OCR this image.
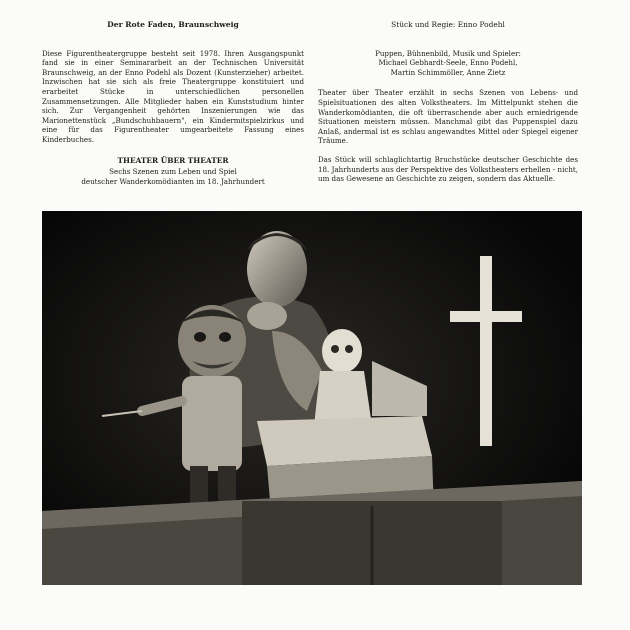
Der Rote Faden, Braunschweig

Diese Figurentheatergruppe besteht seit 1978. Ihren Ausgangspunkt fand sie in einer Seminararbeit an der Technischen Universität Braunschweig, an der Enno Podehl als Dozent (Kunsterzieher) arbeitet. Inzwischen hat sie sich als freie Theatergruppe konstituiert und erarbeitet Stücke in unterschiedlichen personellen Zusammensetzungen. Alle Mitglieder haben ein Kunststudium hinter sich. Zur Vergangenheit gehörten Inszenierungen wie das Marionettenstück „Bundschuhbauern", ein Kindermitspielzirkus und eine für das Figurentheater umgearbeitete Fassung eines Kinderbuches.

THEATER ÜBER THEATER
Sechs Szenen zum Leben und Spiel
deutscher Wanderkomödianten im 18. Jahrhundert
Stück und Regie: Enno Podehl
Puppen, Bühnenbild, Musik und Spieler:
Michael Gebhardt-Seele, Enno Podehl,
Martin Schimmöller, Anne Zietz

Theater über Theater erzählt in sechs Szenen von Lebens- und Spielsituationen des alten Volkstheaters. Im Mittelpunkt stehen die Wanderkomödianten, die oft überraschende aber auch erniedrigende Situationen meistern müssen. Manchmal gibt das Puppenspiel dazu Anlaß, andermal ist es schlau angewandtes Mittel oder Spiegel eigener Träume.

Das Stück will schlaglichtartig Bruchstücke deutscher Geschichte des 18. Jahrhunderts aus der Perspektive des Volkstheaters erhellen - nicht, um das Gewesene an Geschichte zu zeigen, sondern das Aktuelle.
